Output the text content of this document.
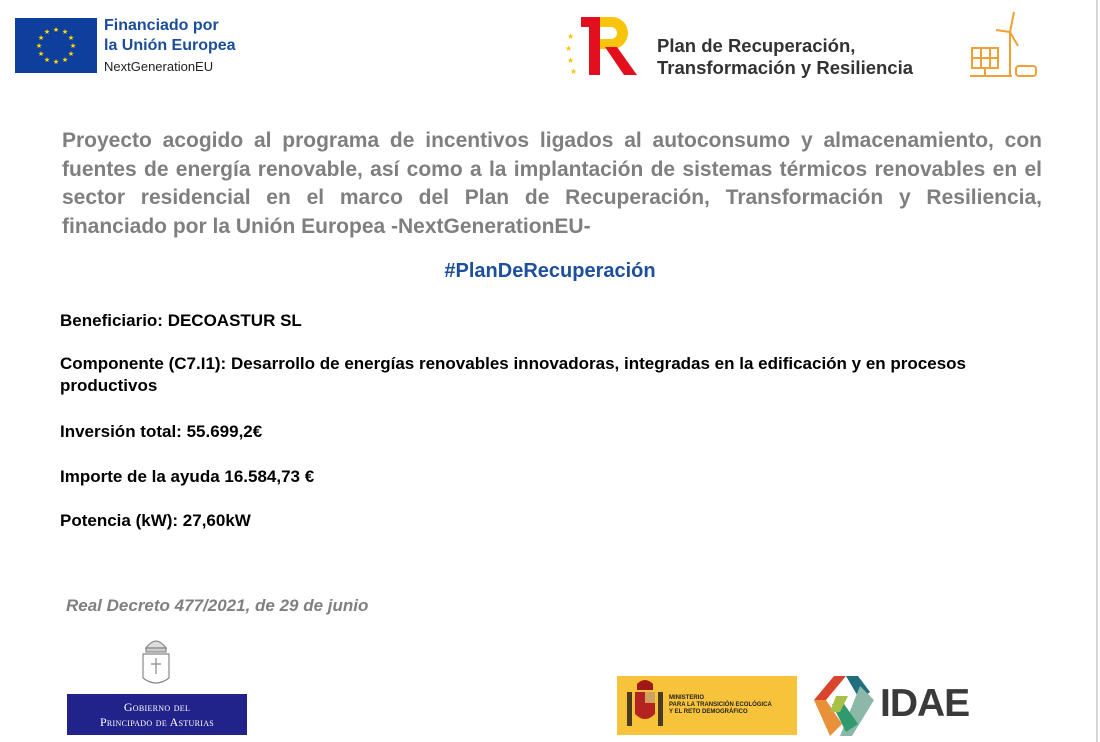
★ ★
★
★
★
★
★
★
★
★
★
★	Financiado por
la Unión Europea
NextGenerationEU
★
★
★
★
Plan de Recuperación,
Transformación y Resiliencia
Proyecto acogido al programa de incentivos ligados al autoconsumo y almacenamiento, con fuentes de energía renovable, así como a la implantación de sistemas térmicos renovables en el sector residencial en el marco del Plan de Recuperación, Transformación y Resiliencia, financiado por la Unión Europea -NextGenerationEU-
#PlanDeRecuperación
Beneficiario: DECOASTUR SL
Componente (C7.I1): Desarrollo de energías renovables innovadoras, integradas en la edificación y en procesos productivos
Inversión total: 55.699,2€
Importe de la ayuda 16.584,73 €
Potencia (kW): 27,60kW
Real Decreto 477/2021, de 29 de junio
Gobierno del
Principado de Asturias
MINISTERIO
PARA LA TRANSICIÓN ECOLÓGICA
Y EL RETO DEMOGRÁFICO	IDAE
